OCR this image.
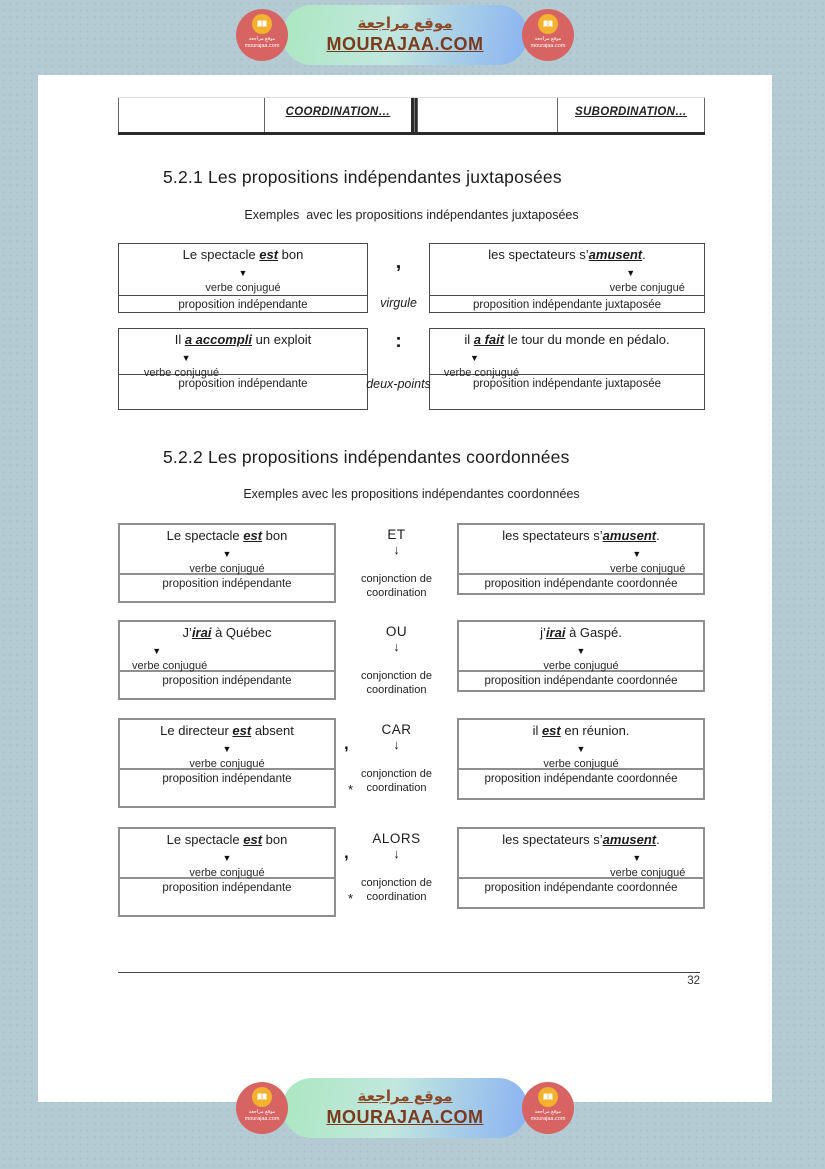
موقع مراجعة
mourajaa.com
موقع مراجعة
MOURAJAA.COM	موقع مراجعة
mourajaa.com
COORDINATION…	SUBORDINATION…
5.2.1 Les propositions indépendantes juxtaposées
Exemples  avec les propositions indépendantes juxtaposées
Le spectacle est bon
▼
verbe conjugué
proposition indépendante
,
virgule
les spectateurs s’amusent.
▼
verbe conjugué
proposition indépendante juxtaposée
Il a accompli un exploit
▼
verbe conjugué
proposition indépendante
:
deux-points
il a fait le tour du monde en pédalo.
▼
verbe conjugué
proposition indépendante juxtaposée
5.2.2 Les propositions indépendantes coordonnées
Exemples avec les propositions indépendantes coordonnées
Le spectacle est bon
▼
verbe conjugué
proposition indépendante
ET
↓
conjonction de coordination
les spectateurs s’amusent.
▼
verbe conjugué
proposition indépendante coordonnée
J’irai à Québec
▼
verbe conjugué
proposition indépendante
OU
↓
conjonction de coordination
j’irai à Gaspé.
▼
verbe conjugué
proposition indépendante coordonnée
Le directeur est absent
▼
verbe conjugué
proposition indépendante
,
*
CAR
↓
conjonction de coordination
il est en réunion.
▼
verbe conjugué
proposition indépendante coordonnée
Le spectacle est bon
▼
verbe conjugué
proposition indépendante
,
*
ALORS
↓
conjonction de coordination
les spectateurs s’amusent.
▼
verbe conjugué
proposition indépendante coordonnée
32
موقع مراجعة
mourajaa.com
موقع مراجعة
MOURAJAA.COM	موقع مراجعة
mourajaa.com
